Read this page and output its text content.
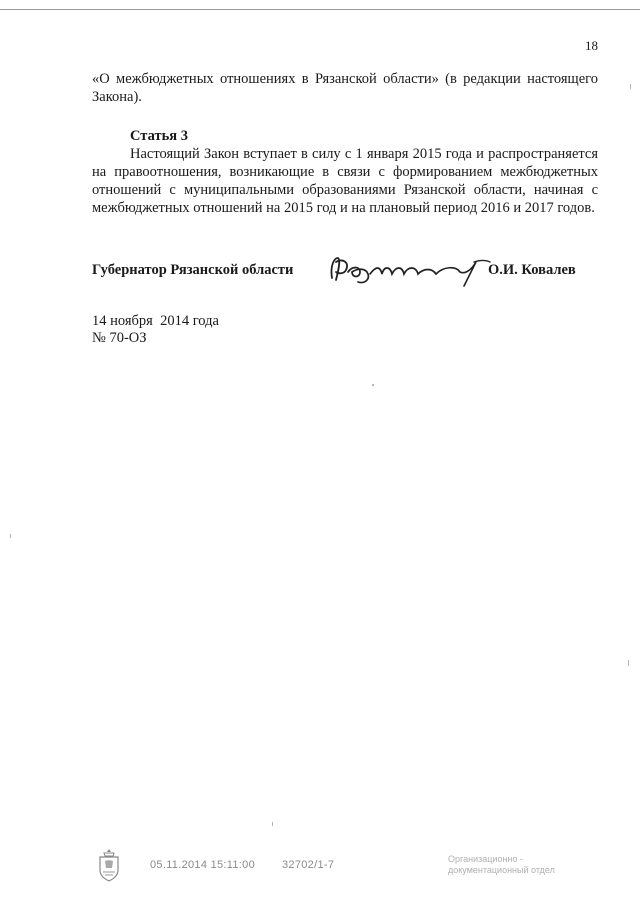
18
«О межбюджетных отношениях в Рязанской области» (в редакции настоящего Закона).
Статья 3
Настоящий Закон вступает в силу с 1 января 2015 года и распространяется на правоотношения, возникающие в связи с формированием межбюджетных отношений с муниципальными образованиями Рязанской области, начиная с межбюджетных отношений на 2015 год и на плановый период 2016 и 2017 годов.
Губернатор Рязанской области	О.И. Ковалев
14 ноября  2014 года
№ 70-ОЗ
05.11.2014 15:11:00 32702/1-7	Организационно -
документационный отдел
